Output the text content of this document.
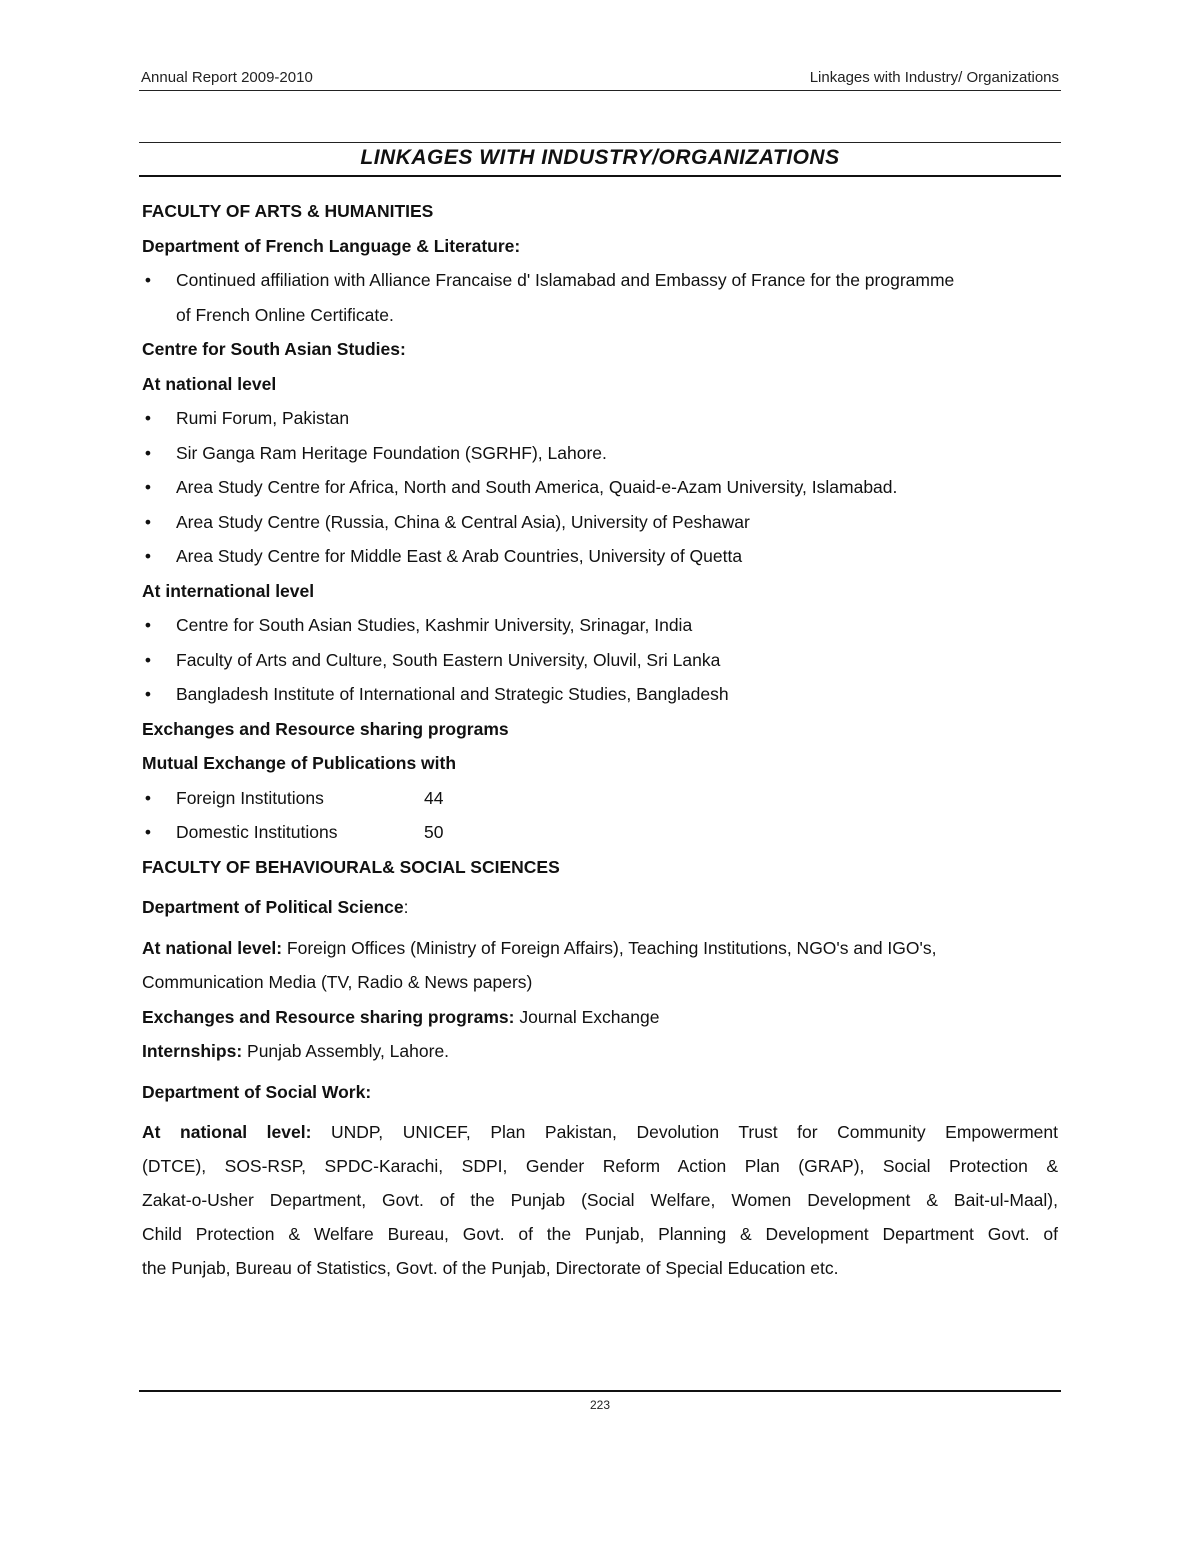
Annual Report 2009-2010	Linkages with Industry/ Organizations
LINKAGES WITH INDUSTRY/ORGANIZATIONS
FACULTY OF ARTS & HUMANITIES
Department of French Language & Literature:
• Continued affiliation with Alliance Francaise d' Islamabad and Embassy of France for the programme
of French Online Certificate.
Centre for South Asian Studies:
At national level
• Rumi Forum, Pakistan
• Sir Ganga Ram Heritage Foundation (SGRHF), Lahore.
• Area Study Centre for Africa, North and South America, Quaid-e-Azam University, Islamabad.
• Area Study Centre (Russia, China & Central Asia), University of Peshawar
• Area Study Centre for Middle East & Arab Countries, University of Quetta
At international level
• Centre for South Asian Studies, Kashmir University, Srinagar, India
• Faculty of Arts and Culture, South Eastern University, Oluvil, Sri Lanka
• Bangladesh Institute of International and Strategic Studies, Bangladesh
Exchanges and Resource sharing programs
Mutual Exchange of Publications with
• Foreign Institutions	44
• Domestic Institutions	50
FACULTY OF BEHAVIOURAL& SOCIAL SCIENCES
Department of Political Science:
At national level: Foreign Offices (Ministry of Foreign Affairs), Teaching Institutions, NGO's and IGO's,
Communication Media (TV, Radio & News papers)
Exchanges and Resource sharing programs: Journal Exchange
Internships: Punjab Assembly, Lahore.
Department of Social Work:
At national level: UNDP, UNICEF, Plan Pakistan, Devolution Trust for Community Empowerment
(DTCE), SOS-RSP, SPDC-Karachi, SDPI, Gender Reform Action Plan (GRAP), Social Protection &
Zakat-o-Usher Department, Govt. of the Punjab (Social Welfare, Women Development & Bait-ul-Maal),
Child Protection & Welfare Bureau, Govt. of the Punjab, Planning & Development Department Govt. of
the Punjab, Bureau of Statistics, Govt. of the Punjab, Directorate of Special Education etc.
223
